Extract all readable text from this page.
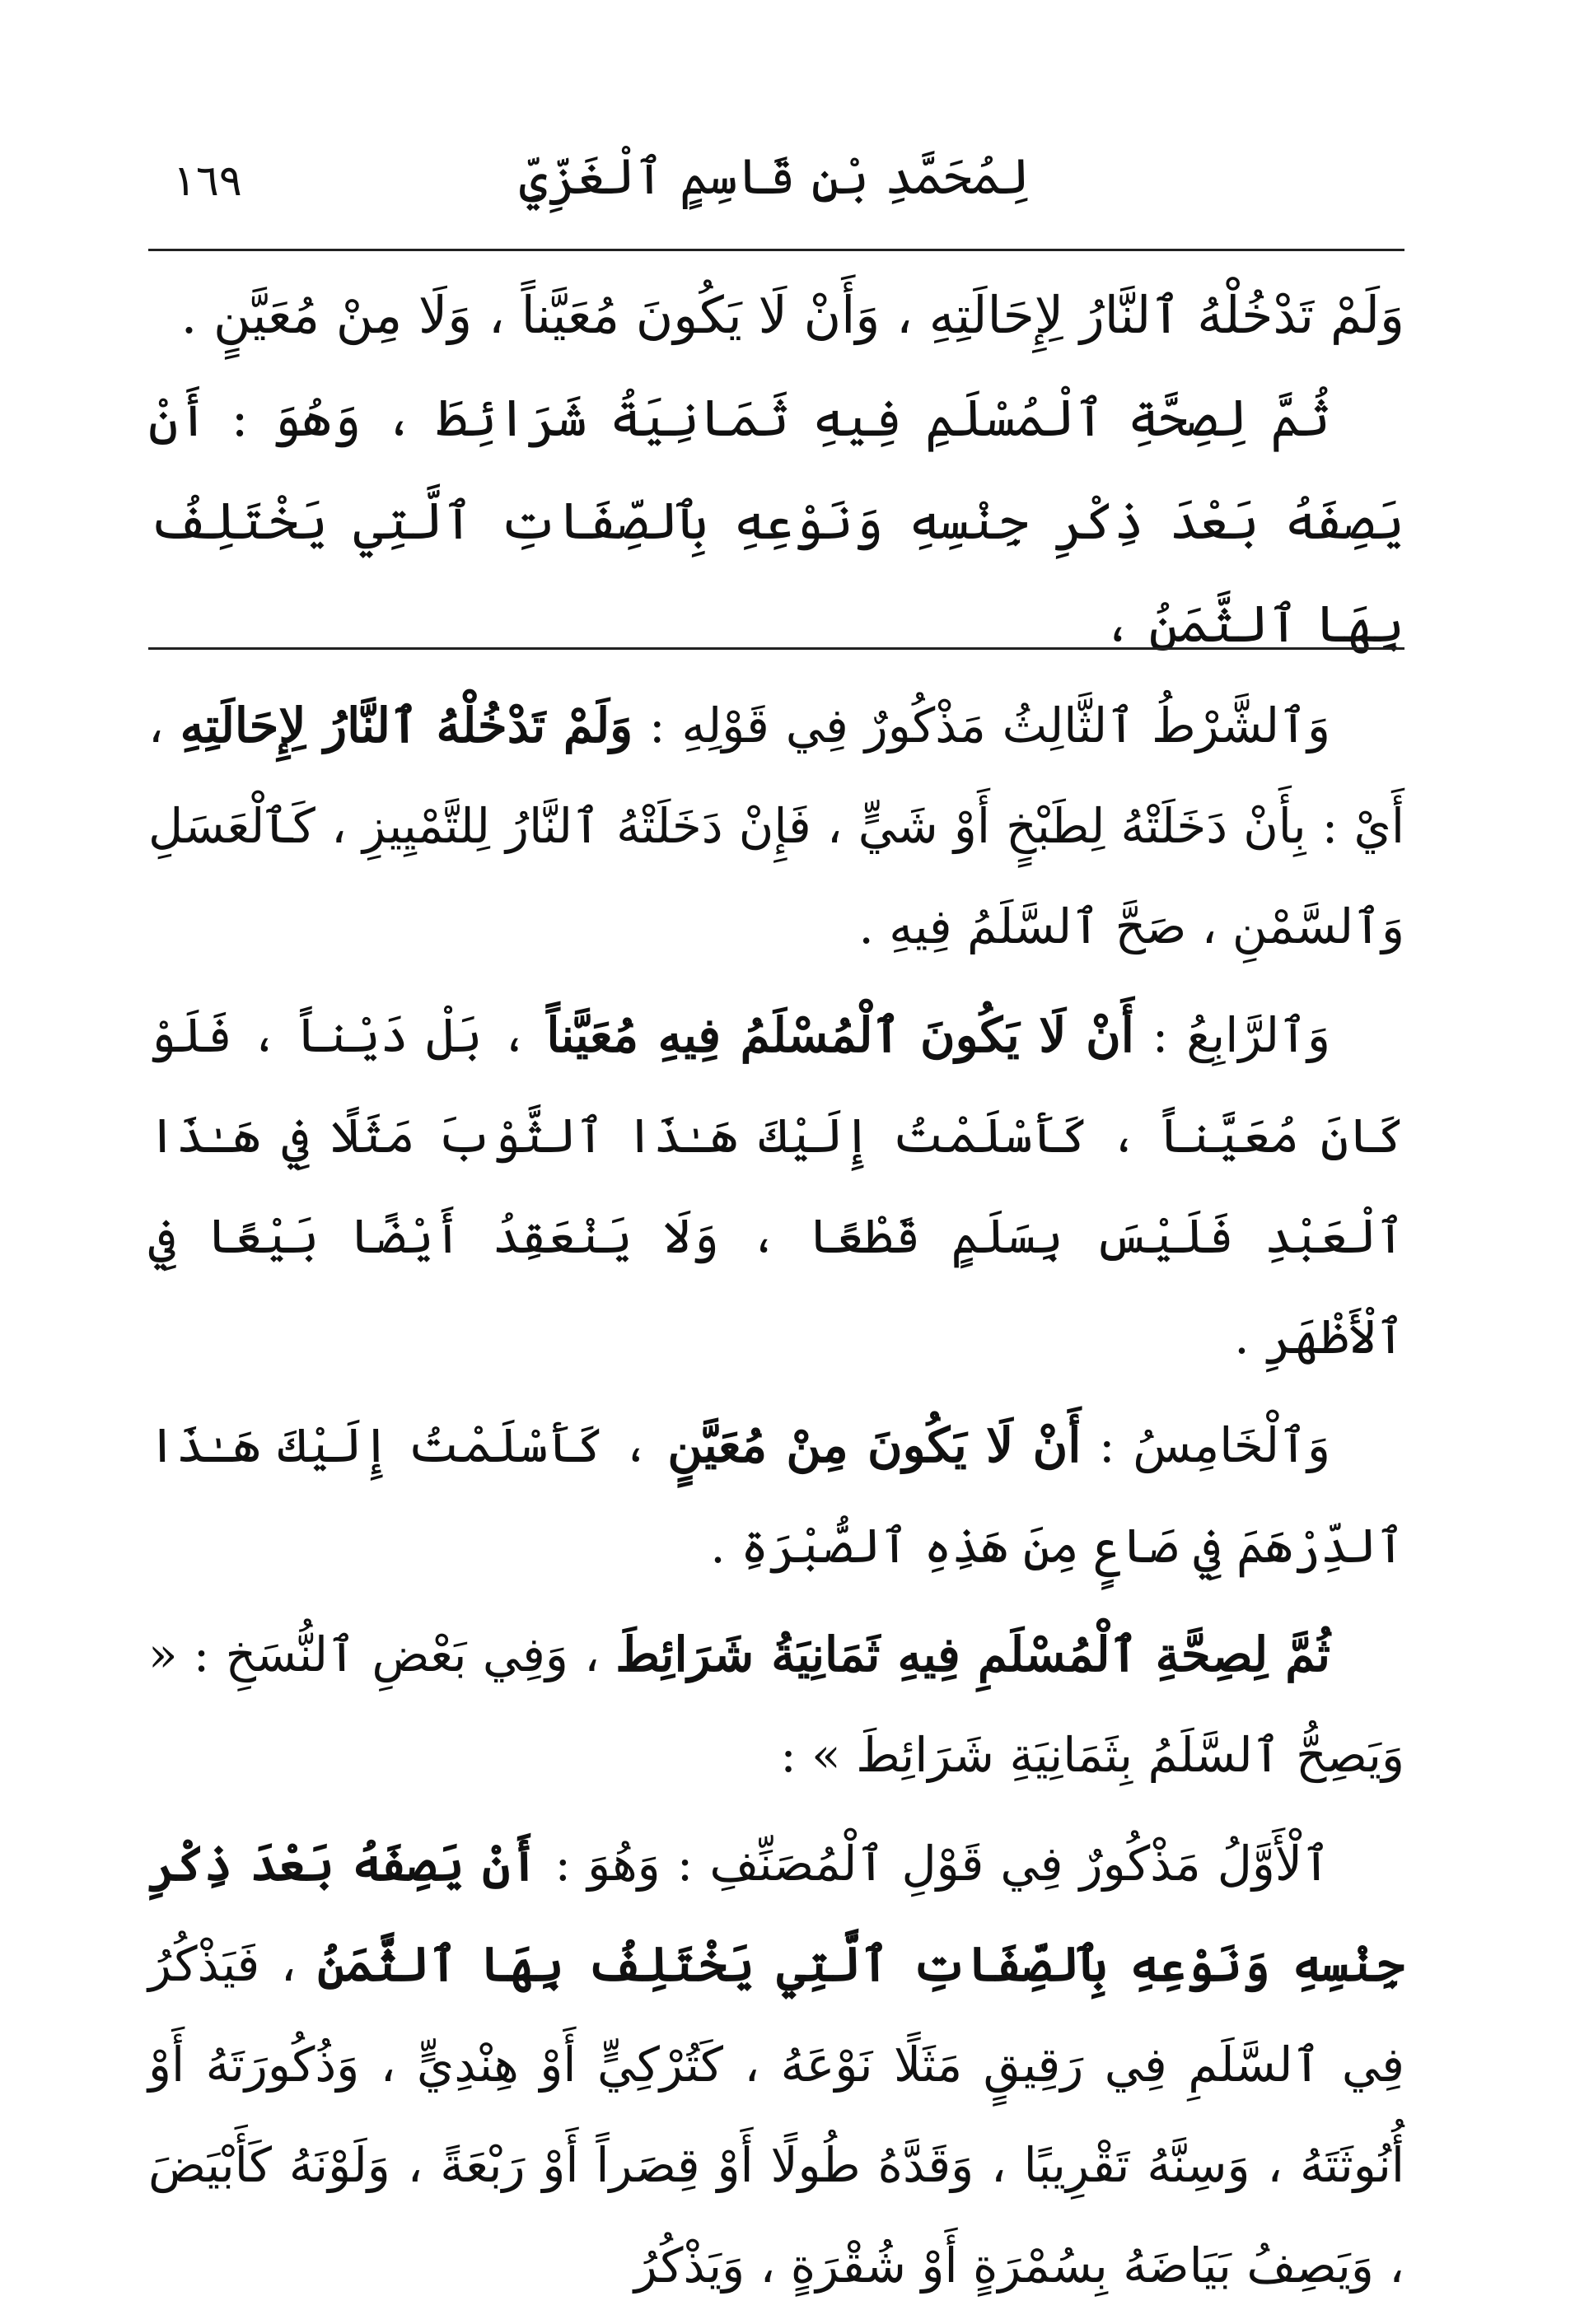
١٦٩	لِمُحَمَّدِ بْنِ قَاسِمٍ ٱلْغَزِّيِّ

وَلَمْ تَدْخُلْهُ ٱلنَّارُ لِإِحَالَتِهِ ، وَأَنْ لَا يَكُونَ مُعَيَّناً ، وَلَا مِنْ مُعَيَّنٍ .

ثُمَّ لِصِحَّةِ ٱلْمُسْلَمِ فِيهِ ثَمَانِيَةُ شَرَائِطَ ، وَهُوَ : أَنْ يَصِفَهُ بَعْدَ ذِكْرِ جِنْسِهِ وَنَوْعِهِ بِٱلصِّفَاتِ ٱلَّتِي يَخْتَلِفُ بِهَا ٱلثَّمَنُ ،

وَٱلشَّرْطُ ٱلثَّالِثُ مَذْكُورٌ فِي قَوْلِهِ : وَلَمْ تَدْخُلْهُ ٱلنَّارُ لِإِحَالَتِهِ ، أَيْ : بِأَنْ دَخَلَتْهُ لِطَبْخٍ أَوْ شَيٍّ ، فَإِنْ دَخَلَتْهُ ٱلنَّارُ لِلتَّمْيِيزِ ، كَٱلْعَسَلِ وَٱلسَّمْنِ ، صَحَّ ٱلسَّلَمُ فِيهِ .

وَٱلرَّابِعُ : أَنْ لَا يَكُونَ ٱلْمُسْلَمُ فِيهِ مُعَيَّناً ، بَلْ دَيْناً ، فَلَوْ كَانَ مُعَيَّناً ، كَأَسْلَمْتُ إِلَيْكَ هَـٰذَا ٱلثَّوْبَ مَثَلًا فِي هَـٰذَا ٱلْعَبْدِ فَلَيْسَ بِسَلَمٍ قَطْعًا ، وَلَا يَنْعَقِدُ أَيْضًا بَيْعًا فِي ٱلْأَظْهَرِ .

وَٱلْخَامِسُ : أَنْ لَا يَكُونَ مِنْ مُعَيَّنٍ ، كَأَسْلَمْتُ إِلَيْكَ هَـٰذَا ٱلدِّرْهَمَ فِي صَاعٍ مِنَ هَذِهِ ٱلصُّبْرَةِ .

ثُمَّ لِصِحَّةِ ٱلْمُسْلَمِ فِيهِ ثَمَانِيَةُ شَرَائِطَ ، وَفِي بَعْضِ ٱلنُّسَخِ : « وَيَصِحُّ ٱلسَّلَمُ بِثَمَانِيَةِ شَرَائِطَ » :

ٱلْأَوَّلُ مَذْكُورٌ فِي قَوْلِ ٱلْمُصَنِّفِ : وَهُوَ : أَنْ يَصِفَهُ بَعْدَ ذِكْرِ جِنْسِهِ وَنَوْعِهِ بِٱلصِّفَاتِ ٱلَّتِي يَخْتَلِفُ بِهَا ٱلثَّمَنُ ، فَيَذْكُرُ فِي ٱلسَّلَمِ فِي رَقِيقٍ مَثَلًا نَوْعَهُ ، كَتُرْكِيٍّ أَوْ هِنْدِيٍّ ، وَذُكُورَتَهُ أَوْ أُنُوثَتَهُ ، وَسِنَّهُ تَقْرِيبًا ، وَقَدَّهُ طُولًا أَوْ قِصَراً أَوْ رَبْعَةً ، وَلَوْنَهُ كَأَبْيَضَ ، وَيَصِفُ بَيَاضَهُ بِسُمْرَةٍ أَوْ شُقْرَةٍ ، وَيَذْكُرُ
